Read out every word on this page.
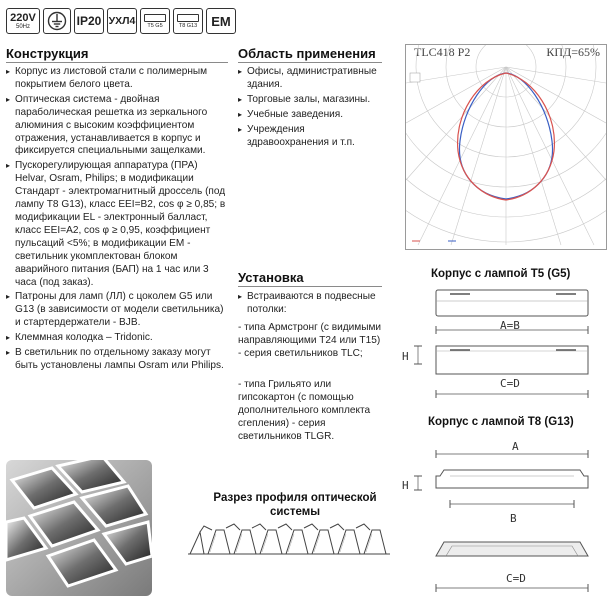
220V
50Hz	IP20 УХЛ4 T5 G5	T8 G13	EM
Конструкция
▸ Корпус из листовой стали с полимерным покрытием белого цвета.
▸ Оптическая система - двойная параболическая решетка из зеркального алюминия с высоким коэффициентом отражения, устанавливается в корпус и фиксируется специальными защелками.
▸ Пускорегулирующая аппаратура (ПРА) Helvar, Osram, Philips; в модификации Стандарт - электромагнитный дроссель (под лампу T8 G13), класс EEI=B2, cos φ ≥ 0,85; в модификации EL - электронный балласт, класс EEI=A2, cos φ ≥ 0,95, коэффициент пульсаций <5%; в модификации EM - светильник укомплектован блоком аварийного питания (БАП) на 1 час или 3 часа (под заказ).
▸ Патроны для ламп (ЛЛ) с цоколем G5 или G13 (в зависимости от модели светильника) и стартердержатели - BJB.
▸ Клеммная колодка – Tridonic.
▸ В светильник по отдельному заказу могут быть установлены лампы Osram или Philips.
Область применения
▸ Офисы, административные здания.
▸ Торговые залы, магазины.
▸ Учебные заведения.
▸ Учреждения здравоохранения и т.п.
Установка
▸ Встраиваются в подвесные потолки:
- типа Армстронг (с видимыми направляющими T24 или T15) - серия светильников TLC;
- типа Грильято или гипсокартон (с помощью дополнительного комплекта сгепления) - серия светильников TLGR.
TLC418 P2	КПД=65%
Корпус с лампой T5 (G5)
A=B
H
C=D
Корпус с лампой T8 (G13)
A
H
B
C=D
Разрез профиля оптической
системы
